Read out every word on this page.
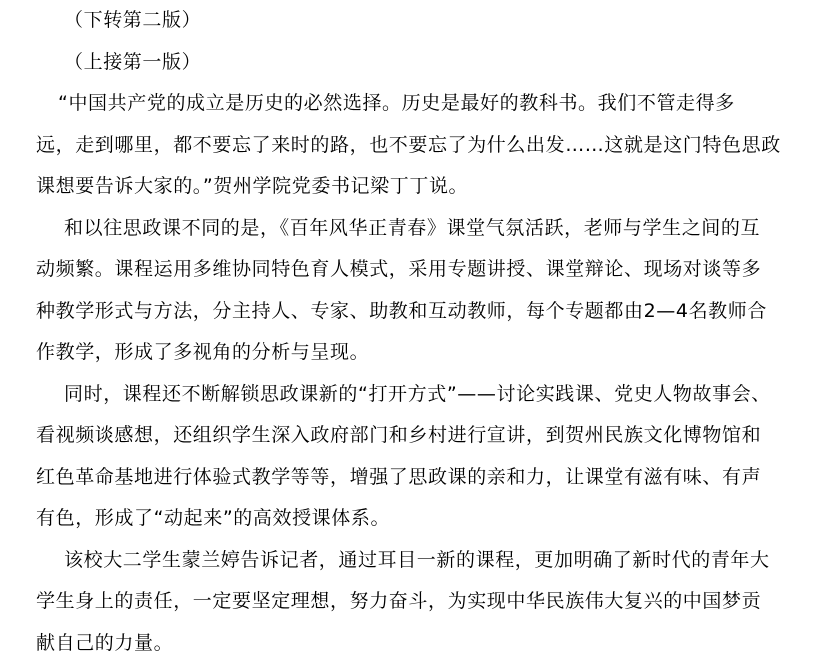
（下转第二版）

（上接第一版）

“中国共产党的成立是历史的必然选择。历史是最好的教科书。我们不管走得多

远，走到哪里，都不要忘了来时的路，也不要忘了为什么出发……这就是这门特色思政

课想要告诉大家的。”贺州学院党委书记梁丁丁说。

和以往思政课不同的是，《百年风华正青春》课堂气氛活跃，老师与学生之间的互

动频繁。课程运用多维协同特色育人模式，采用专题讲授、课堂辩论、现场对谈等多

种教学形式与方法，分主持人、专家、助教和互动教师，每个专题都由2—4名教师合

作教学，形成了多视角的分析与呈现。

同时，课程还不断解锁思政课新的“打开方式”——讨论实践课、党史人物故事会、

看视频谈感想，还组织学生深入政府部门和乡村进行宣讲，到贺州民族文化博物馆和

红色革命基地进行体验式教学等等，增强了思政课的亲和力，让课堂有滋有味、有声

有色，形成了“动起来”的高效授课体系。

该校大二学生蒙兰婷告诉记者，通过耳目一新的课程，更加明确了新时代的青年大

学生身上的责任，一定要坚定理想，努力奋斗，为实现中华民族伟大复兴的中国梦贡

献自己的力量。
